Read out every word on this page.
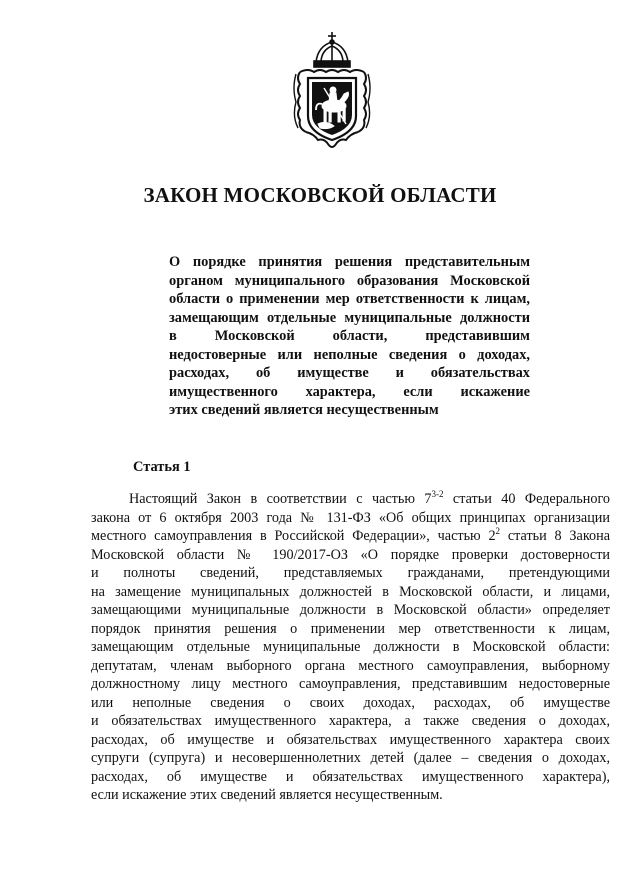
ЗАКОН МОСКОВСКОЙ ОБЛАСТИ
О порядке принятия решения представительным
органом муниципального образования Московской
области о применении мер ответственности к лицам,
замещающим отдельные муниципальные должности
в Московской области, представившим
недостоверные или неполные сведения о доходах,
расходах, об имуществе и обязательствах
имущественного характера, если искажение
этих сведений является несущественным
Статья 1
Настоящий Закон в соответствии с частью 7$^{3-2}$ статьи 40 Федерального
закона от 6 октября 2003 года № 131-ФЗ «Об общих принципах организации
местного самоуправления в Российской Федерации», частью $2^2$ статьи 8 Закона
Московской области № 190/2017-ОЗ «О порядке проверки достоверности
и полноты сведений, представляемых гражданами, претендующими
на замещение муниципальных должностей в Московской области, и лицами,
замещающими муниципальные должности в Московской области» определяет
порядок принятия решения о применении мер ответственности к лицам,
замещающим отдельные муниципальные должности в Московской области:
депутатам, членам выборного органа местного самоуправления, выборному
должностному лицу местного самоуправления, представившим недостоверные
или неполные сведения о своих доходах, расходах, об имуществе
и обязательствах имущественного характера, а также сведения о доходах,
расходах, об имуществе и обязательствах имущественного характера своих
супруги (супруга) и несовершеннолетних детей (далее – сведения о доходах,
расходах, об имуществе и обязательствах имущественного характера),
если искажение этих сведений является несущественным.
